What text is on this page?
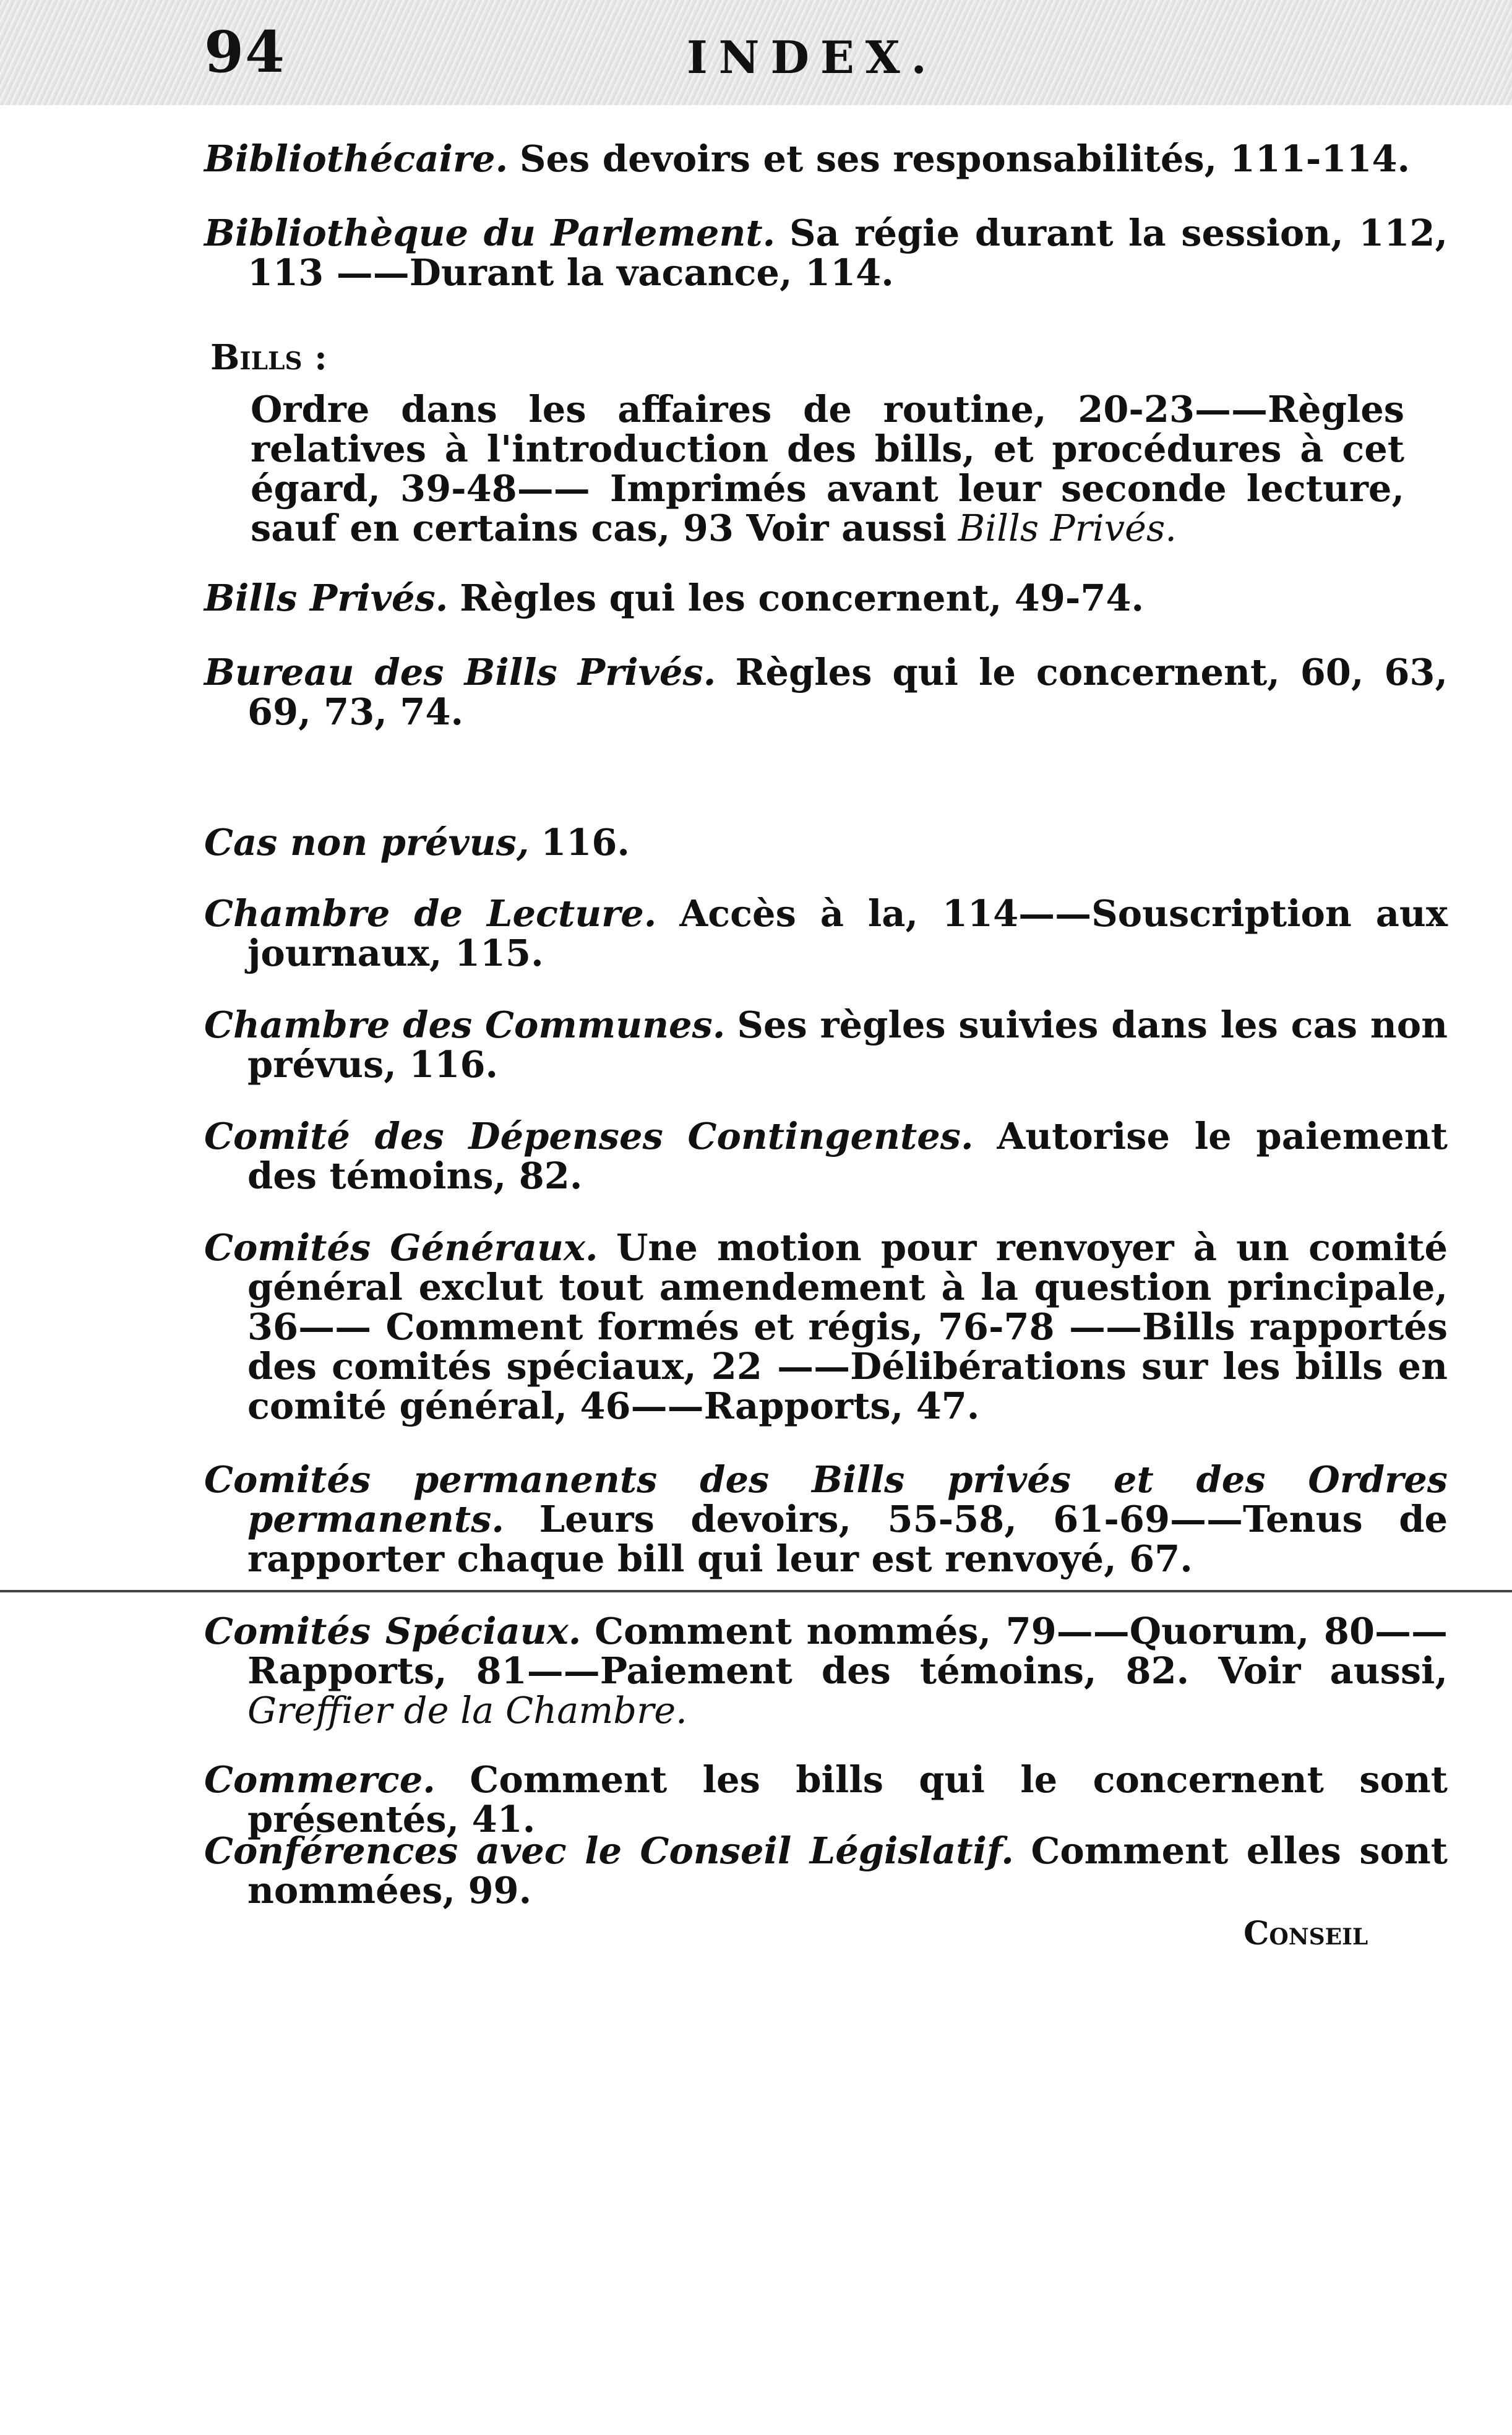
94	INDEX.
Bibliothécaire. Ses devoirs et ses responsabilités, 111-114.
Bibliothèque du Parlement. Sa régie durant la session, 112, 113 ——Durant la vacance, 114.
Bills :
Ordre dans les affaires de routine, 20-23——Règles relatives à l'introduction des bills, et procédures à cet égard, 39-48—— Imprimés avant leur seconde lecture, sauf en certains cas, 93 Voir aussi Bills Privés.
Bills Privés. Règles qui les concernent, 49-74.
Bureau des Bills Privés. Règles qui le concernent, 60, 63, 69, 73, 74.
Cas non prévus, 116.
Chambre de Lecture. Accès à la, 114——Souscription aux journaux, 115.
Chambre des Communes. Ses règles suivies dans les cas non prévus, 116.
Comité des Dépenses Contingentes. Autorise le paiement des témoins, 82.
Comités Généraux. Une motion pour renvoyer à un comité général exclut tout amendement à la question principale, 36—— Comment formés et régis, 76-78 ——Bills rapportés des comités spéciaux, 22 ——Délibérations sur les bills en comité général, 46——Rapports, 47.
Comités permanents des Bills privés et des Ordres permanents. Leurs devoirs, 55-58, 61-69——Tenus de rapporter chaque bill qui leur est renvoyé, 67.
Comités Spéciaux. Comment nommés, 79——Quorum, 80—— Rapports, 81——Paiement des témoins, 82. Voir aussi, Greffier de la Chambre.
Commerce. Comment les bills qui le concernent sont présentés, 41.
Conférences avec le Conseil Législatif. Comment elles sont nommées, 99.
Conseil
